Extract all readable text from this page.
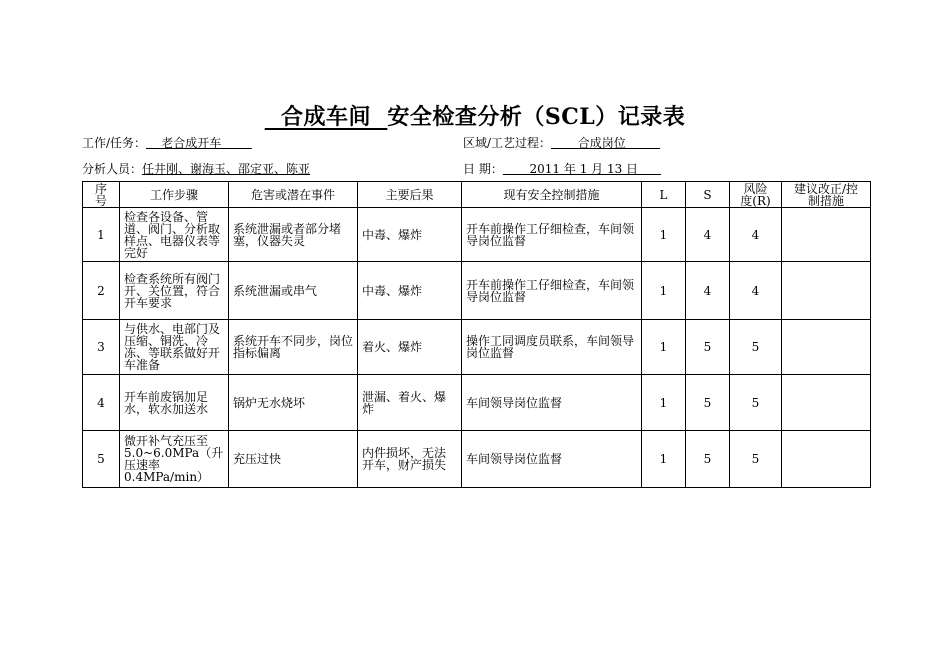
合成车间  安全检查分析（SCL）记录表
工作/任务：    老合成开车	区域/工艺过程：       合成岗位
分析人员：任井刚、谢海玉、邵定亚、陈亚	日 期：       2011 年 1 月 13 日
序号	工作步骤	危害或潜在事件	主要后果	现有安全控制措施	L	S	风险度(R)	建议改正/控制措施
1	检查各设备、管道、阀门、分析取样点、电器仪表等完好	系统泄漏或者部分堵塞，仪器失灵	中毒、爆炸	开车前操作工仔细检查，车间领导岗位监督	1	4	4	
2	检查系统所有阀门开、关位置，符合开车要求	系统泄漏或串气	中毒、爆炸	开车前操作工仔细检查，车间领导岗位监督	1	4	4	
3	与供水、电部门及压缩、铜洗、冷冻、等联系做好开车准备	系统开车不同步，岗位指标偏离	着火、爆炸	操作工同调度员联系，车间领导岗位监督	1	5	5	
4	开车前废锅加足水，软水加送水	锅炉无水烧坏	泄漏、着火、爆炸	车间领导岗位监督	1	5	5	
5	微开补气充压至5.0~6.0MPa（升压速率0.4MPa/min）	充压过快	内件损坏，无法开车，财产损失	车间领导岗位监督	1	5	5	
